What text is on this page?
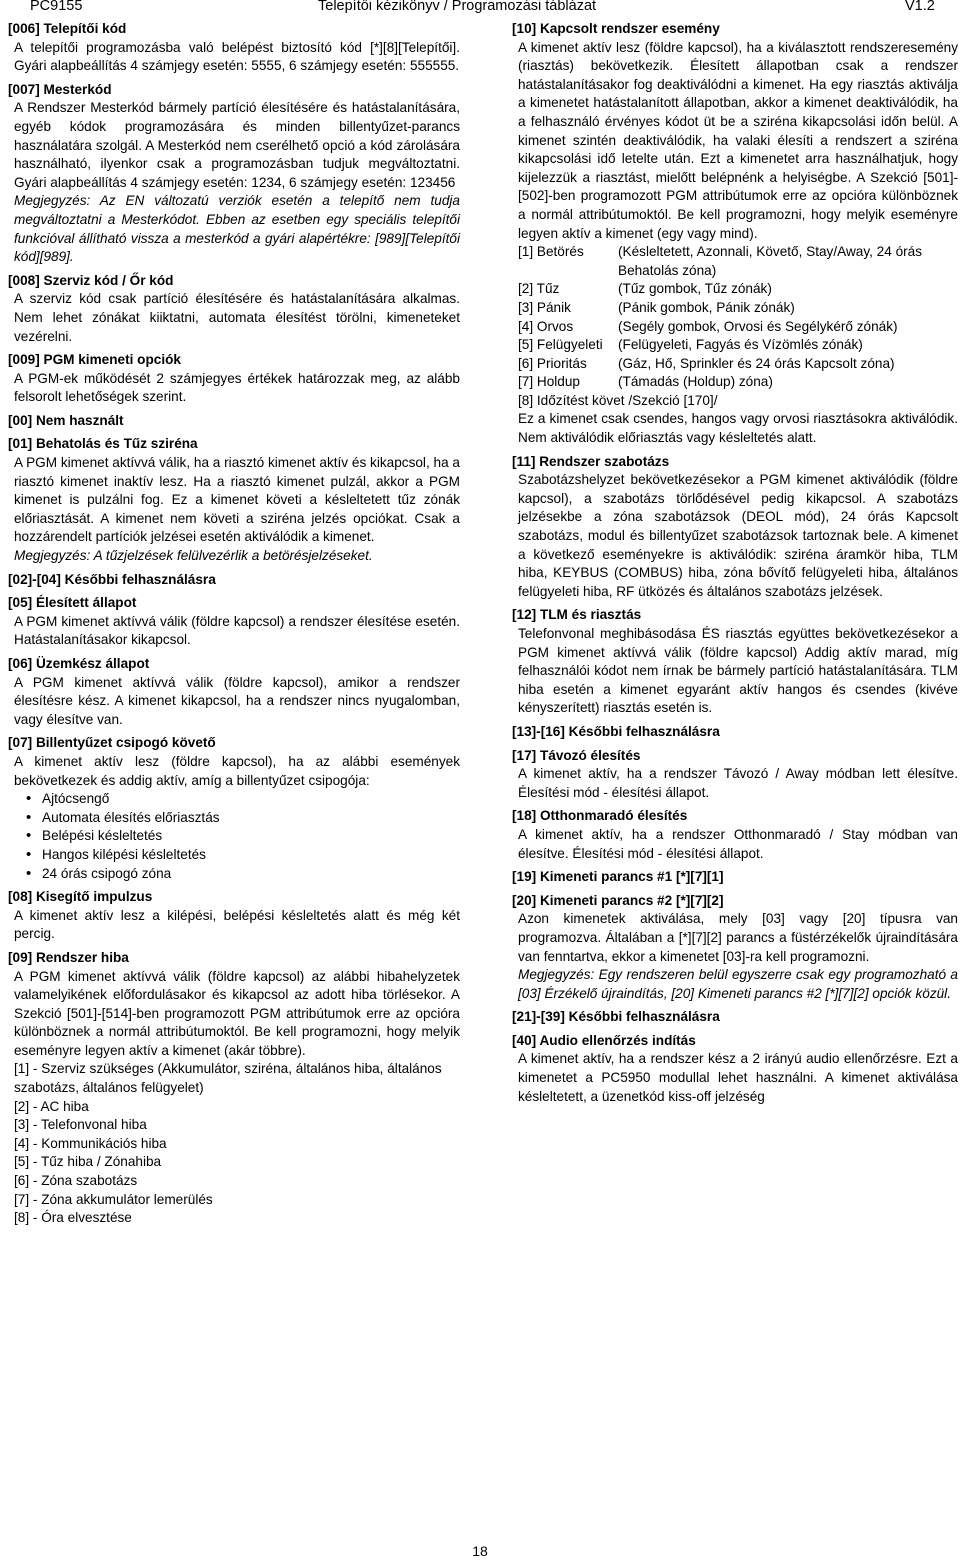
PC9155	Telepítői kézikönyv / Programozási táblázat	V1.2
[006] Telepítői kód
A telepítői programozásba való belépést biztosító kód [*][8][Telepítői]. Gyári alapbeállítás 4 számjegy esetén: 5555, 6 számjegy esetén: 555555.
[007] Mesterkód
A Rendszer Mesterkód bármely partíció élesítésére és hatástalanítására, egyéb kódok programozására és minden billentyűzet-parancs használatára szolgál. A Mesterkód nem cserélhető opció a kód zárolására használható, ilyenkor csak a programozásban tudjuk megváltoztatni. Gyári alapbeállítás 4 számjegy esetén: 1234, 6 számjegy esetén: 123456
Megjegyzés: Az EN változatú verziók esetén a telepítő nem tudja megváltoztatni a Mesterkódot. Ebben az esetben egy speciális telepítői funkcióval állítható vissza a mesterkód a gyári alapértékre: [989][Telepítői kód][989].
[008] Szerviz kód / Őr kód
A szerviz kód csak partíció élesítésére és hatástalanítására alkalmas. Nem lehet zónákat kiiktatni, automata élesítést törölni, kimeneteket vezérelni.
[009] PGM kimeneti opciók
A PGM-ek működését 2 számjegyes értékek határozzak meg, az alább felsorolt lehetőségek szerint.
[00] Nem használt
[01] Behatolás és Tűz sziréna
A PGM kimenet aktívvá válik, ha a riasztó kimenet aktív és kikapcsol, ha a riasztó kimenet inaktív lesz. Ha a riasztó kimenet pulzál, akkor a PGM kimenet is pulzálni fog. Ez a kimenet követi a késleltetett tűz zónák előriasztását. A kimenet nem követi a sziréna jelzés opciókat. Csak a hozzárendelt partíciók jelzései esetén aktiválódik a kimenet.
Megjegyzés: A tűzjelzések felülvezérlik a betörésjelzéseket.
[02]-[04] Későbbi felhasználásra
[05] Élesített állapot
A PGM kimenet aktívvá válik (földre kapcsol) a rendszer élesítése esetén. Hatástalanításakor kikapcsol.
[06] Üzemkész állapot
A PGM kimenet aktívvá válik (földre kapcsol), amikor a rendszer élesítésre kész. A kimenet kikapcsol, ha a rendszer nincs nyugalomban, vagy élesítve van.
[07] Billentyűzet csipogó követő
A kimenet aktív lesz (földre kapcsol), ha az alábbi események bekövetkezek és addig aktív, amíg a billentyűzet csipogója:
• Ajtócsengő
• Automata élesítés előriasztás
• Belépési késleltetés
• Hangos kilépési késleltetés
• 24 órás csipogó zóna
[08] Kisegítő impulzus
A kimenet aktív lesz a kilépési, belépési késleltetés alatt és még két percig.
[09] Rendszer hiba
A PGM kimenet aktívvá válik (földre kapcsol) az alábbi hibahelyzetek valamelyikének előfordulásakor és kikapcsol az adott hiba törlésekor. A Szekció [501]-[514]-ben programozott PGM attribútumok erre az opcióra különböznek a normál attribútumoktól. Be kell programozni, hogy melyik eseményre legyen aktív a kimenet (akár többre).
[1] - Szerviz szükséges (Akkumulátor, sziréna, általános hiba, általános szabotázs, általános felügyelet)
[2] - AC hiba
[3] - Telefonvonal hiba
[4] - Kommunikációs hiba
[5] - Tűz hiba / Zónahiba
[6] - Zóna szabotázs
[7] - Zóna akkumulátor lemerülés
[8] - Óra elvesztése
[10] Kapcsolt rendszer esemény
A kimenet aktív lesz (földre kapcsol), ha a kiválasztott rendszeresemény (riasztás) bekövetkezik. Élesített állapotban csak a rendszer hatástalanításakor fog deaktiválódni a kimenet. Ha egy riasztás aktiválja a kimenetet hatástalanított állapotban, akkor a kimenet deaktiválódik, ha a felhasználó érvényes kódot üt be a sziréna kikapcsolási időn belül. A kimenet szintén deaktiválódik, ha valaki élesíti a rendszert a sziréna kikapcsolási idő letelte után. Ezt a kimenetet arra használhatjuk, hogy kijelezzük a riasztást, mielőtt belépnénk a helyiségbe. A Szekció [501]-[502]-ben programozott PGM attribútumok erre az opcióra különböznek a normál attribútumoktól. Be kell programozni, hogy melyik eseményre legyen aktív a kimenet (egy vagy mind).
[1] Betörés	(Késleltetett, Azonnali, Követő, Stay/Away, 24 órás Behatolás zóna)
[2] Tűz	(Tűz gombok, Tűz zónák)
[3] Pánik	(Pánik gombok, Pánik zónák)
[4] Orvos	(Segély gombok, Orvosi és Segélykérő zónák)
[5] Felügyeleti	(Felügyeleti, Fagyás és Vízömlés zónák)
[6] Prioritás	(Gáz, Hő, Sprinkler és 24 órás Kapcsolt zóna)
[7] Holdup	(Támadás (Holdup) zóna)
[8] Időzítést követ /Szekció [170]/
Ez a kimenet csak csendes, hangos vagy orvosi riasztásokra aktiválódik. Nem aktiválódik előriasztás vagy késleltetés alatt.
[11] Rendszer szabotázs
Szabotázshelyzet bekövetkezésekor a PGM kimenet aktiválódik (földre kapcsol), a szabotázs törlődésével pedig kikapcsol. A szabotázs jelzésekbe a zóna szabotázsok (DEOL mód), 24 órás Kapcsolt szabotázs, modul és billentyűzet szabotázsok tartoznak bele. A kimenet a következő eseményekre is aktiválódik: sziréna áramkör hiba, TLM hiba, KEYBUS (COMBUS) hiba, zóna bővítő felügyeleti hiba, általános felügyeleti hiba, RF ütközés és általános szabotázs jelzések.
[12] TLM és riasztás
Telefonvonal meghibásodása ÉS riasztás együttes bekövetkezésekor a PGM kimenet aktívvá válik (földre kapcsol) Addig aktív marad, míg felhasználói kódot nem írnak be bármely partíció hatástalanítására. TLM hiba esetén a kimenet egyaránt aktív hangos és csendes (kivéve kényszerített) riasztás esetén is.
[13]-[16] Későbbi felhasználásra
[17] Távozó élesítés
A kimenet aktív, ha a rendszer Távozó / Away módban lett élesítve. Élesítési mód - élesítési állapot.
[18] Otthonmaradó élesítés
A kimenet aktív, ha a rendszer Otthonmaradó / Stay módban van élesítve. Élesítési mód - élesítési állapot.
[19] Kimeneti parancs #1 [*][7][1]
[20] Kimeneti parancs #2 [*][7][2]
Azon kimenetek aktiválása, mely [03] vagy [20] típusra van programozva. Általában a [*][7][2] parancs a füstérzékelők újraindítására van fenntartva, ekkor a kimenetet [03]-ra kell programozni.
Megjegyzés: Egy rendszeren belül egyszerre csak egy programozható a [03] Érzékelő újraindítás, [20] Kimeneti parancs #2 [*][7][2] opciók közül.
[21]-[39] Későbbi felhasználásra
[40] Audio ellenőrzés indítás
A kimenet aktív, ha a rendszer kész a 2 irányú audio ellenőrzésre. Ezt a kimenetet a PC5950 modullal lehet használni. A kimenet aktiválása késleltetett, a üzenetkód kiss-off jelzéség
18
